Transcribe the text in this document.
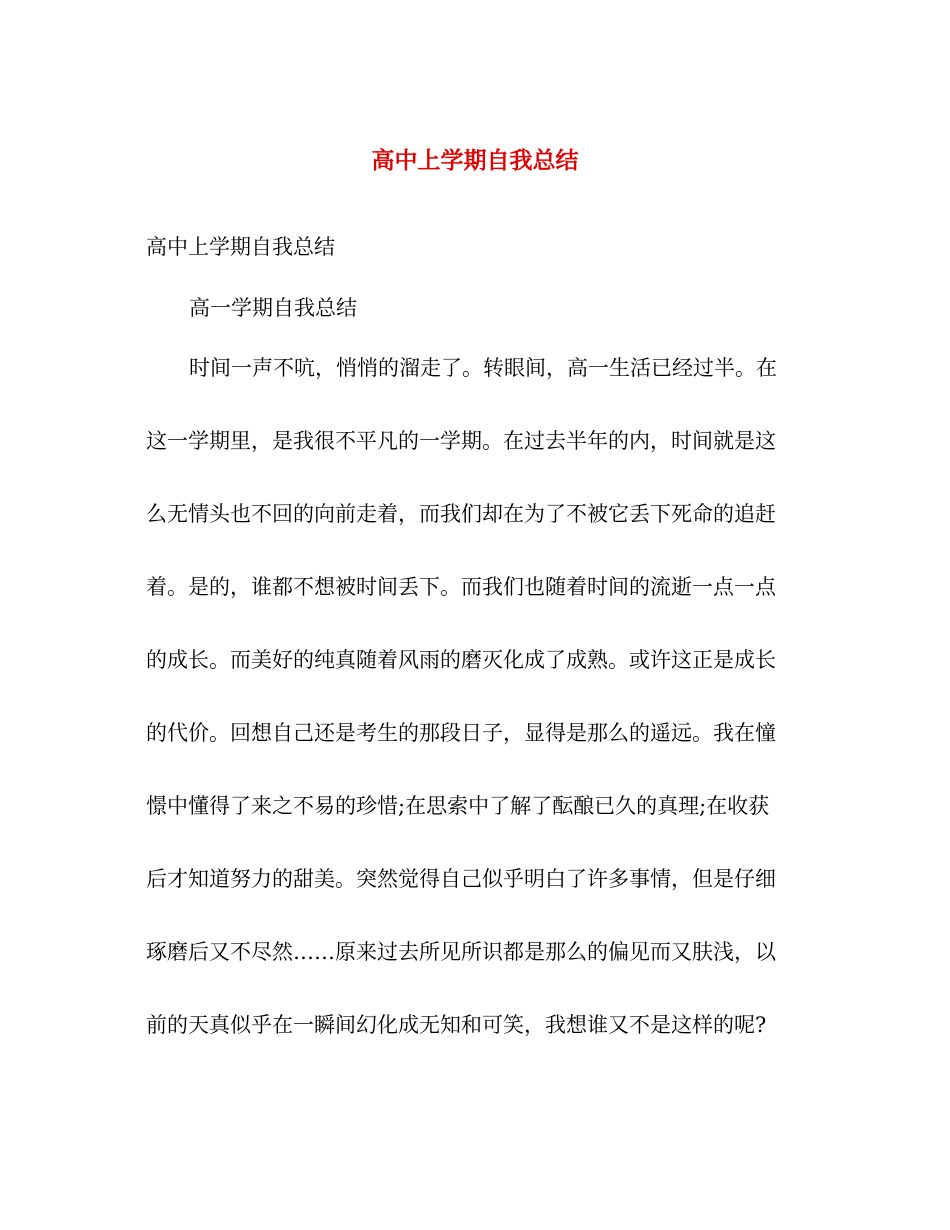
高中上学期自我总结

高中上学期自我总结

高一学期自我总结

时间一声不吭，悄悄的溜走了。转眼间，高一生活已经过半。在
这一学期里，是我很不平凡的一学期。在过去半年的内，时间就是这
么无情头也不回的向前走着，而我们却在为了不被它丢下死命的追赶
着。是的，谁都不想被时间丢下。而我们也随着时间的流逝一点一点
的成长。而美好的纯真随着风雨的磨灭化成了成熟。或许这正是成长
的代价。回想自己还是考生的那段日子，显得是那么的遥远。我在憧
憬中懂得了来之不易的珍惜;在思索中了解了酝酿已久的真理;在收获
后才知道努力的甜美。突然觉得自己似乎明白了许多事情，但是仔细
琢磨后又不尽然……原来过去所见所识都是那么的偏见而又肤浅，以
前的天真似乎在一瞬间幻化成无知和可笑，我想谁又不是这样的呢?
